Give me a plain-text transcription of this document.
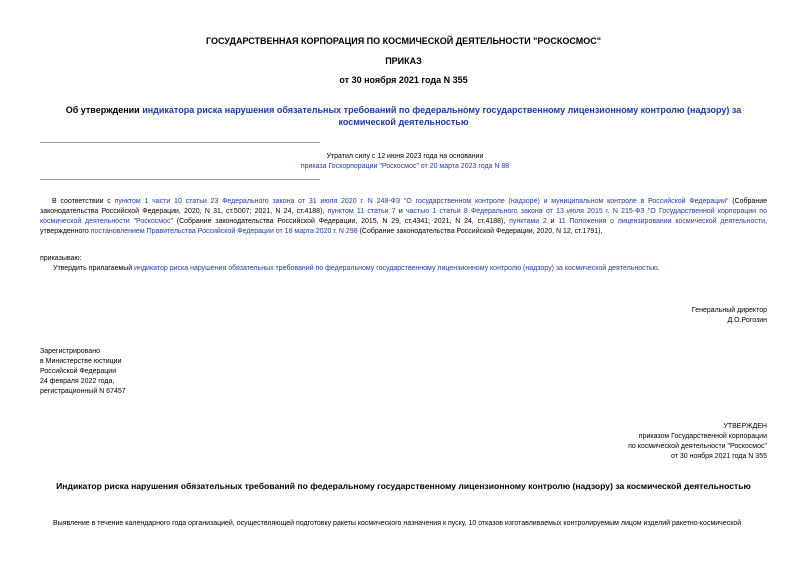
ГОСУДАРСТВЕННАЯ КОРПОРАЦИЯ ПО КОСМИЧЕСКОЙ ДЕЯТЕЛЬНОСТИ "РОСКОСМОС"
ПРИКАЗ
от 30 ноября 2021 года N 355
Об утверждении индикатора риска нарушения обязательных требований по федеральному государственному лицензионному контролю (надзору) за космической деятельностью

Утратил силу с 12 июня 2023 года на основании

приказа Госкорпорации "Роскосмос" от 20 марта 2023 года N 88

В соответствии с пунктом 1 части 10 статьи 23 Федерального закона от 31 июля 2020 г. N 248-ФЗ "О государственном контроле (надзоре) и муниципальном контроле в Российской Федерации" (Собрание законодательства Российской Федерации, 2020, N 31, ст.5007; 2021, N 24, ст.4188), пунктом 11 статьи 7 и частью 1 статьи 8 Федерального закона от 13 июля 2015 г. N 215-ФЗ "О Государственной корпорации по космической деятельности "Роскосмос" (Собрание законодательства Российской Федерации, 2015, N 29, ст.4341; 2021, N 24, ст.4188), пунктами 2 и 11 Положения о лицензировании космической деятельности, утвержденного постановлением Правительства Российской Федерации от 18 марта 2020 г. N 298 (Собрание законодательства Российской Федерации, 2020, N 12, ст.1791),
приказываю:
Утвердить прилагаемый индикатор риска нарушения обязательных требований по федеральному государственному лицензионному контролю (надзору) за космической деятельностью.

Генеральный директор

Д.О.Рогозин

Зарегистрировано

в Министерстве юстиции

Российской Федерации

24 февраля 2022 года,

регистрационный N 67457

УТВЕРЖДЕН

приказом Государственной корпорации

по космической деятельности "Роскосмос"

от 30 ноября 2021 года N 355

Индикатор риска нарушения обязательных требований по федеральному государственному лицензионному контролю (надзору) за космической деятельностью
Выявление в течение календарного года организацией, осуществляющей подготовку ракеты космического назначения к пуску, 10 отказов изготавливаемых контролируемым лицом изделий ракетно-космической
